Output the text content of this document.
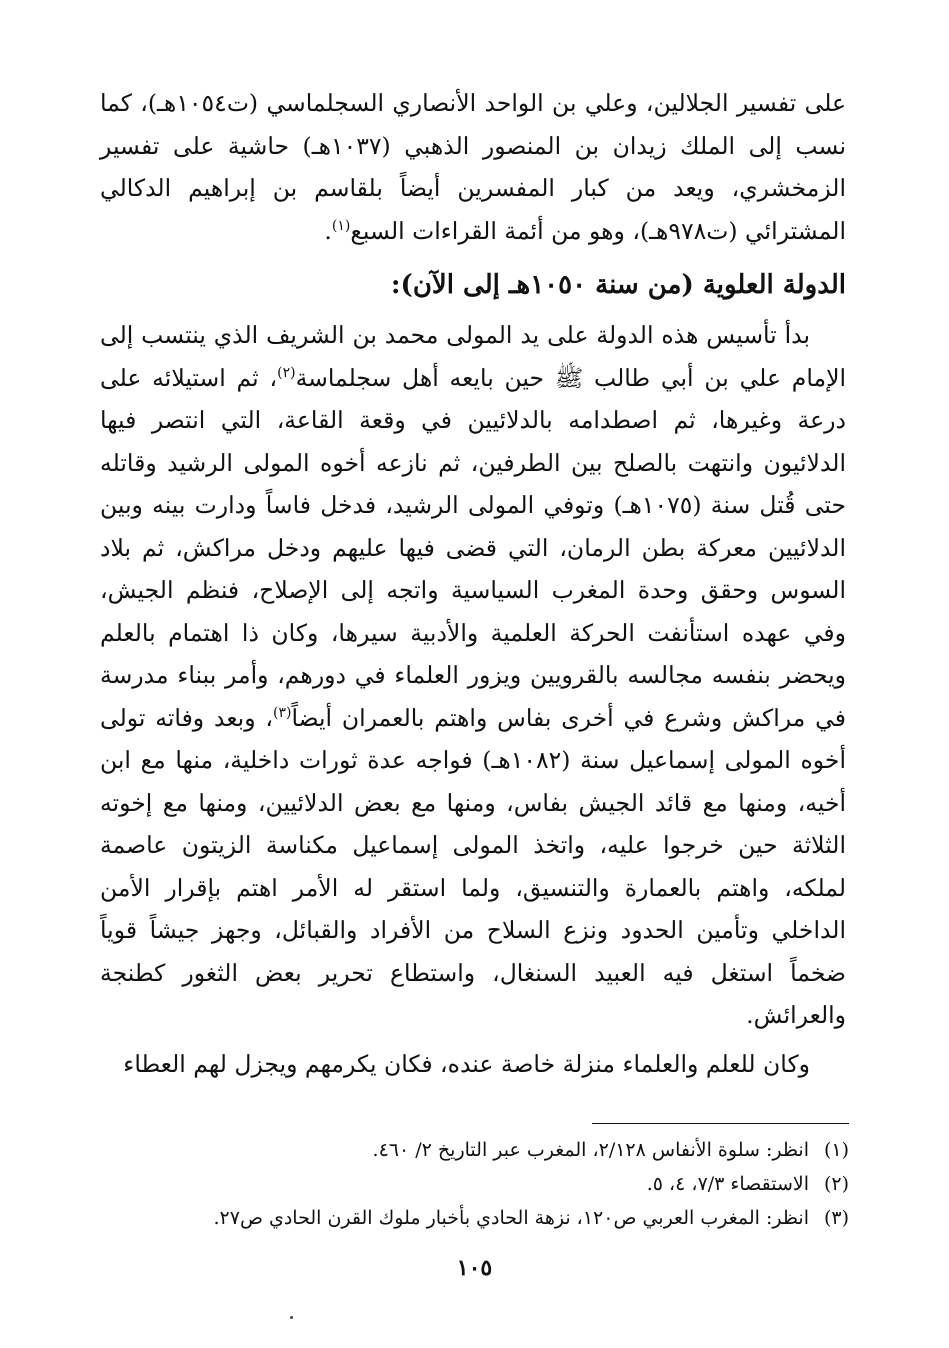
على تفسير الجلالين، وعلي بن الواحد الأنصاري السجلماسي (ت١٠٥٤هـ)، كما نسب إلى الملك زيدان بن المنصور الذهبي (١٠٣٧هـ) حاشية على تفسير الزمخشري، ويعد من كبار المفسرين أيضاً بلقاسم بن إبراهيم الدكالي المشترائي (ت٩٧٨هـ)، وهو من أئمة القراءات السبع$^{(١)}$.

الدولة العلوية (من سنة ١٠٥٠هـ إلى الآن):

بدأ تأسيس هذه الدولة على يد المولى محمد بن الشريف الذي ينتسب إلى الإمام علي بن أبي طالب ﷺ حين بايعه أهل سجلماسة$^{(٢)}$، ثم استيلائه على درعة وغيرها، ثم اصطدامه بالدلائيين في وقعة القاعة، التي انتصر فيها الدلائيون وانتهت بالصلح بين الطرفين، ثم نازعه أخوه المولى الرشيد وقاتله حتى قُتل سنة (١٠٧٥هـ) وتوفي المولى الرشيد، فدخل فاساً ودارت بينه وبين الدلائيين معركة بطن الرمان، التي قضى فيها عليهم ودخل مراكش، ثم بلاد السوس وحقق وحدة المغرب السياسية واتجه إلى الإصلاح، فنظم الجيش، وفي عهده استأنفت الحركة العلمية والأدبية سيرها، وكان ذا اهتمام بالعلم ويحضر بنفسه مجالسه بالقرويين ويزور العلماء في دورهم، وأمر ببناء مدرسة في مراكش وشرع في أخرى بفاس واهتم بالعمران أيضاً$^{(٣)}$، وبعد وفاته تولى أخوه المولى إسماعيل سنة (١٠٨٢هـ) فواجه عدة ثورات داخلية، منها مع ابن أخيه، ومنها مع قائد الجيش بفاس، ومنها مع بعض الدلائيين، ومنها مع إخوته الثلاثة حين خرجوا عليه، واتخذ المولى إسماعيل مكناسة الزيتون عاصمة لملكه، واهتم بالعمارة والتنسيق، ولما استقر له الأمر اهتم بإقرار الأمن الداخلي وتأمين الحدود ونزع السلاح من الأفراد والقبائل، وجهز جيشاً قوياً ضخماً استغل فيه العبيد السنغال، واستطاع تحرير بعض الثغور كطنجة والعرائش.

وكان للعلم والعلماء منزلة خاصة عنده، فكان يكرمهم ويجزل لهم العطاء

(١)انظر: سلوة الأنفاس ٢/١٢٨، المغرب عبر التاريخ ٢/ ٤٦٠.

(٢)الاستقصاء ٧/٣، ٤، ٥.

(٣)انظر: المغرب العربي ص١٢٠، نزهة الحادي بأخبار ملوك القرن الحادي ص٢٧.

١٠٥
